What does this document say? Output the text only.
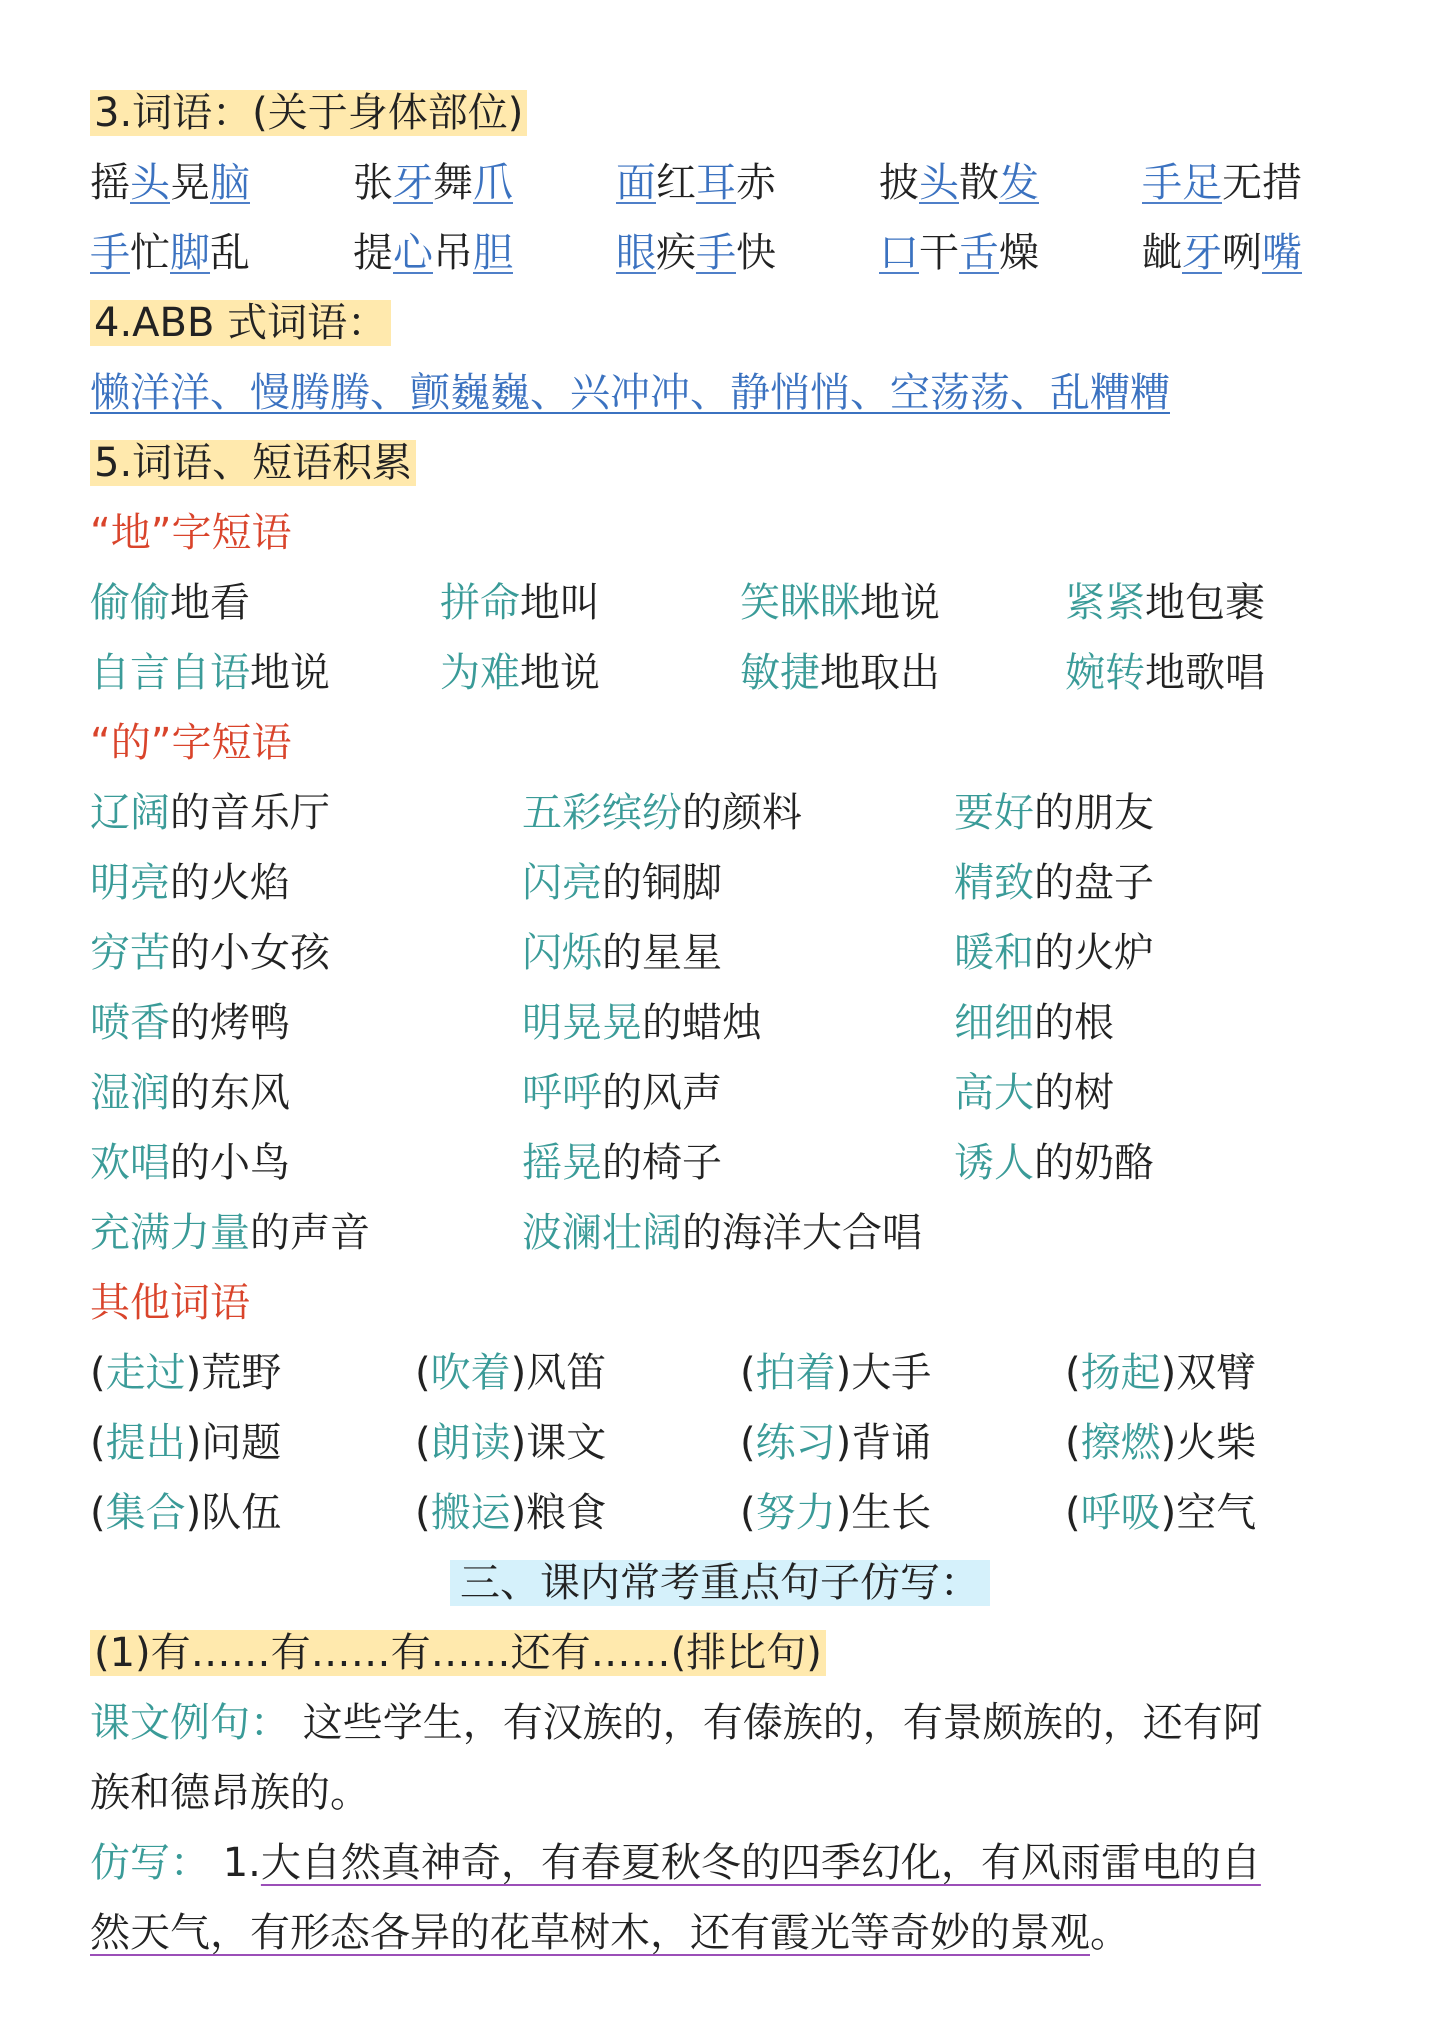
3.词语：(关于身体部位)
摇头晃脑	张牙舞爪	面红耳赤	披头散发	手足无措
手忙脚乱	提心吊胆	眼疾手快	口干舌燥	龇牙咧嘴
4.ABB 式词语：
懒洋洋、慢腾腾、颤巍巍、兴冲冲、静悄悄、空荡荡、乱糟糟
5.词语、短语积累
“地”字短语
偷偷地看	拼命地叫	笑眯眯地说	紧紧地包裹
自言自语地说	为难地说	敏捷地取出	婉转地歌唱
“的”字短语
辽阔的音乐厅	五彩缤纷的颜料	要好的朋友
明亮的火焰	闪亮的铜脚	精致的盘子
穷苦的小女孩	闪烁的星星	暖和的火炉
喷香的烤鸭	明晃晃的蜡烛	细细的根
湿润的东风	呼呼的风声	高大的树
欢唱的小鸟	摇晃的椅子	诱人的奶酪
充满力量的声音	波澜壮阔的海洋大合唱
其他词语
(走过)荒野	(吹着)风笛	(拍着)大手	(扬起)双臂
(提出)问题	(朗读)课文	(练习)背诵	(擦燃)火柴
(集合)队伍	(搬运)粮食	(努力)生长	(呼吸)空气
三、课内常考重点句子仿写：
(1)有……有……有……还有……(排比句)
课文例句： 这些学生，有汉族的，有傣族的，有景颇族的，还有阿
族和德昂族的。
仿写： 1.大自然真神奇，有春夏秋冬的四季幻化，有风雨雷电的自
然天气，有形态各异的花草树木，还有霞光等奇妙的景观。
